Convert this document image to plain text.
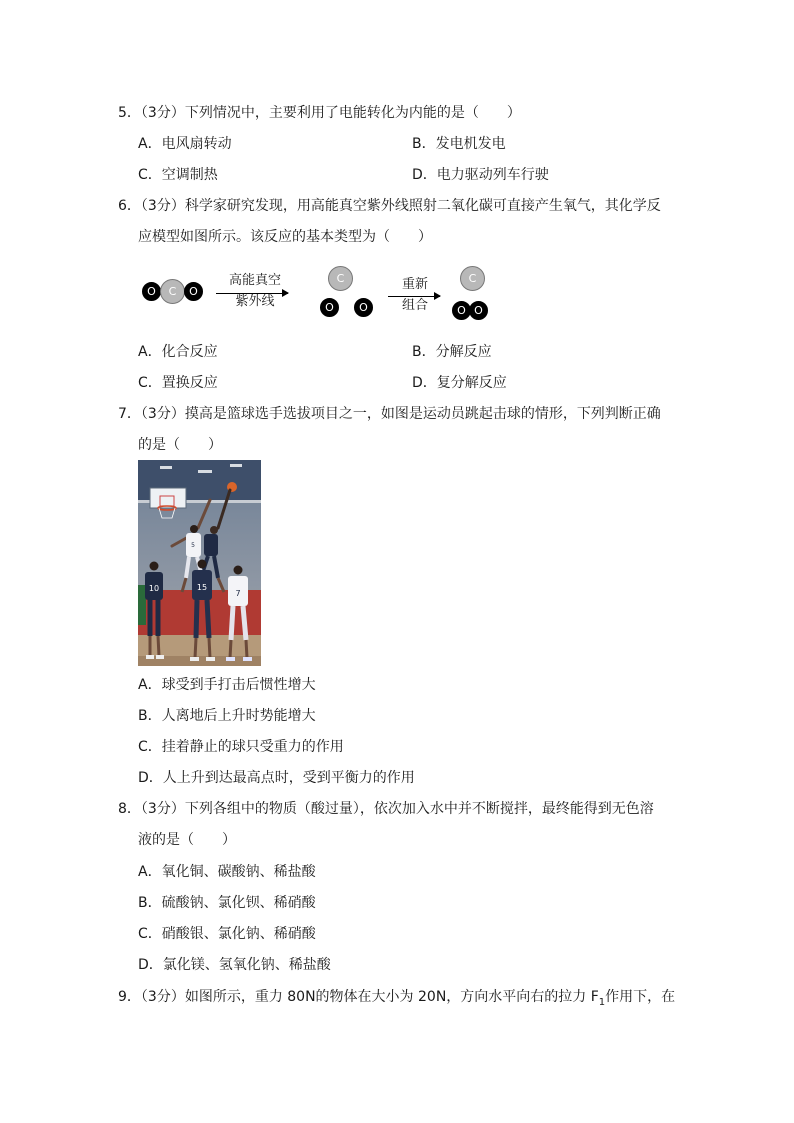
5．（3分）下列情况中，主要利用了电能转化为内能的是（　　）
A．电风扇转动	B．发电机发电
C．空调制热	D．电力驱动列车行驶
6．（3分）科学家研究发现，用高能真空紫外线照射二氧化碳可直接产生氧气，其化学反
应模型如图所示。该反应的基本类型为（　　）
O	C	O
高能真空
紫外线
C
O	O
重新
组合
C
O O
A．化合反应	B．分解反应
C．置换反应	D．复分解反应
7．（3分）摸高是篮球选手选拔项目之一，如图是运动员跳起击球的情形，下列判断正确
的是（　　）
5
10	15
7
A．球受到手打击后惯性增大
B．人离地后上升时势能增大
C．挂着静止的球只受重力的作用
D．人上升到达最高点时，受到平衡力的作用
8．（3分）下列各组中的物质（酸过量），依次加入水中并不断搅拌，最终能得到无色溶
液的是（　　）
A．氧化铜、碳酸钠、稀盐酸
B．硫酸钠、氯化钡、稀硝酸
C．硝酸银、氯化钠、稀硝酸
D．氯化镁、氢氧化钠、稀盐酸
9．（3分）如图所示，重力 80N的物体在大小为 20N，方向水平向右的拉力 $F_1$作用下，在
